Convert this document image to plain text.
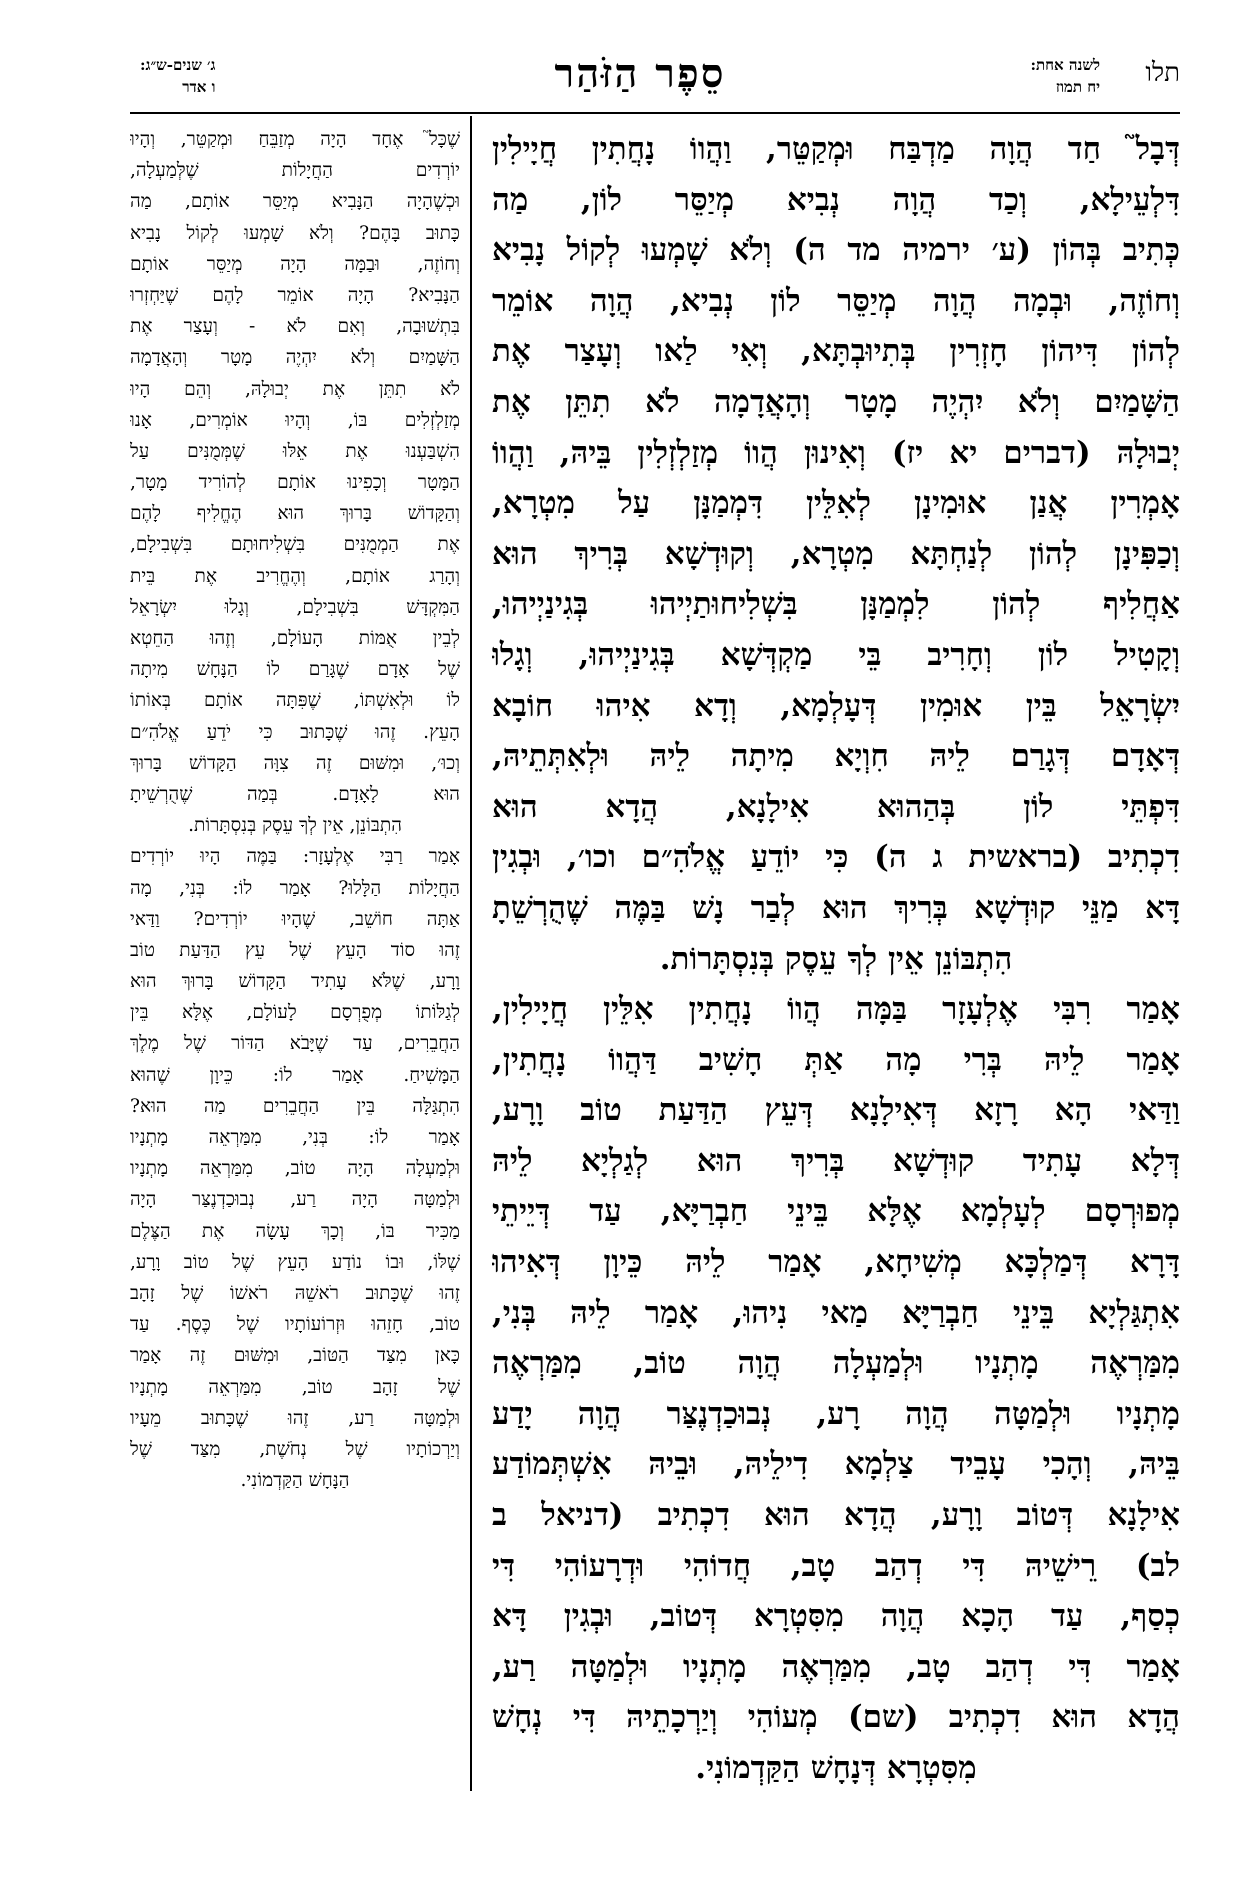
תלו
לשנה אחת:
יח תמוז
סֵפֶר הַזֹּהַר
ג׳ שנים-ש״ג:
ו אדר
דְּבָל֮ חַד הֲוָה מַדְבַּח וּמְקַטֵּר, וַהֲווֹ נָחֲתִין חֲיָילִין
דִּלְעֵילָא, וְכַד הֲוָה נְבִיא מְיַסֵּר לוֹן, מַה
כְּתִיב בְּהוֹן (ע׳ ירמיה מד ה) וְלֹא שָׁמְעוּ לְקוֹל נָבִיא
וְחוֹזֶה, וּבְמָה הֲוָה מְיַסֵּר לוֹן נְבִיא, הֲוָה אוֹמֵר
לְהוֹן דִּיהוֹן חָזְרִין בְּתִיוּבְתָּא, וְאִי לַאו וְעָצַר אֶת
הַשָּׁמַיִם וְלֹא יִהְיֶה מָטָר וְהָאֲדָמָה לֹא תִתֵּן אֶת
יְבוּלָהּ (דברים יא יז) וְאִינוּן הֲווֹ מְזַלְזְלִין בֵּיהּ, וַהֲווֹ
אָמְרִין אֲנַן אוּמִינָן לְאִלֵּין דִּמְמַנָּן עַל מִטְרָא,
וְכַפִּינָן לְהוֹן לְנַחְתָּא מִטְרָא, וְקוּדְשָׁא בְּרִיךְ הוּא
אַחֲלִיף לְהוֹן לִמְמַנָּן בִּשְׁלִיחוּתַיְיהוּ בְּגִינַיְיהוּ,
וְקָטִיל לוֹן וְחָרִיב בֵּי מַקְדְּשָׁא בְּגִינַיְיהוּ, וְגָלוּ
יִשְׂרָאֵל בֵּין אוּמִין דְּעָלְמָא, וְדָא אִיהוּ חוֹבָא
דְּאָדָם דְּגָרַם לֵיהּ חִוְיָא מִיתָה לֵיהּ וּלְאִתְּתֵיהּ,
דִּפְתֵּי לוֹן בְּהַהוּא אִילָנָא, הֲדָא הוּא
דִכְתִיב (בראשית ג ה) כִּי יוֹדֵעַ אֱלֹהִ״ם וכו׳, וּבְגִין
דָּא מַנֵּי קוּדְשָׁא בְּרִיךְ הוּא לְבַר נָשׁ בַּמֶּה שֶׁהֻרְשֵׁתָ
הִתְבּוֹנֵן אֵין לְךָ עֵסֶק בְּנִסְתָּרוֹת.
אָמַר רִבִּי אֶלְעָזָר בַּמָּה הֲווֹ נָחֲתִין אִלֵּין חֲיָילִין,
אָמַר לֵיהּ בְּרִי מָה אַתְּ חָשִׁיב דַּהֲווֹ נָחֲתִין,
וַדַּאי הָא רָזָא דְּאִילָנָא דְּעֵץ הַדַּעַת טוֹב וָרָע,
דְּלָא עָתִיד קוּדְשָׁא בְּרִיךְ הוּא לְגַלְיָא לֵיהּ
מְפוּרְסָם לְעָלְמָא אֶלָּא בֵּינֵי חַבְרַיָּא, עַד דְּיֵיתֵי
דָּרָא דְּמַלְכָּא מְשִׁיחָא, אָמַר לֵיהּ כֵּיוָן דְּאִיהוּ
אִתְגַּלְיָא בֵּינֵי חַבְרַיָּא מַאי נִיהוּ, אָמַר לֵיהּ בְּנִי,
מִמַּרְאֶה מָתְנָיו וּלְמַעְלָה הֲוָה טוֹב, מִמַּרְאֶה
מָתְנָיו וּלְמַטָּה הֲוָה רָע, נְבוּכַדְנֶצַּר הֲוָה יָדַע
בֵּיהּ, וְהָכִי עָבֵיד צַלְמָא דִילֵיהּ, וּבֵיהּ אִשְׁתְּמוֹדַע
אִילָנָא דְּטוֹב וָרָע, הֲדָא הוּא דִכְתִיב (דניאל ב
לב) רֵישֵׁיהּ דִּי דְהַב טָב, חֲדוֹהִי וּדְרָעוֹהִי דִּי
כְסַף, עַד הָכָא הֲוָה מִסִּטְרָא דְּטוֹב, וּבְגִין דָּא
אָמַר דִּי דְהַב טָב, מִמַּרְאֶה מָתְנָיו וּלְמַטָּה רַע,
הֲדָא הוּא דִכְתִיב (שם) מְעוֹהִי וְיַרְכָתֵיהּ דִּי נְחָשׁ
מִסִּטְרָא דְּנָחָשׁ הַקַּדְמוֹנִי.
שֶׁכָּל֮ אֶחָד הָיָה מְזַבֵּחַ וּמְקַטֵּר, וְהָיוּ
יוֹרְדִים הַחֲיָלוֹת שֶׁלְּמַעְלָה,
וּכְשֶׁהָיָה הַנָּבִיא מְיַסֵּר אוֹתָם, מַה
כָּתוּב בָּהֶם? וְלֹא שָׁמְעוּ לְקוֹל נָבִיא
וְחוֹזֶה, וּבַמָּה הָיָה מְיַסֵּר אוֹתָם
הַנָּבִיא? הָיָה אוֹמֵר לָהֶם שֶׁיַּחְזְרוּ
בִּתְשׁוּבָה, וְאִם לֹא - וְעָצַר אֶת
הַשָּׁמַיִם וְלֹא יִהְיֶה מָטָר וְהָאֲדָמָה
לֹא תִתֵּן אֶת יְבוּלָהּ, וְהֵם הָיוּ
מְזַלְזְלִים בּוֹ, וְהָיוּ אוֹמְרִים, אָנוּ
הִשְׁבַּעְנוּ אֶת אֵלּוּ שֶׁמְּמֻנִּים עַל
הַמָּטָר וְכָפִינוּ אוֹתָם לְהוֹרִיד מָטָר,
וְהַקָּדוֹשׁ בָּרוּךְ הוּא הֶחֱלִיף לָהֶם
אֶת הַמְמֻנִּים בִּשְׁלִיחוּתָם בִּשְׁבִילָם,
וְהָרַג אוֹתָם, וְהֶחֱרִיב אֶת בֵּית
הַמִּקְדָּשׁ בִּשְׁבִילָם, וְגָלוּ יִשְׂרָאֵל
לְבֵין אֻמּוֹת הָעוֹלָם, וְזֶהוּ הַחֵטְא
שֶׁל אָדָם שֶׁגָּרַם לוֹ הַנָּחָשׁ מִיתָה
לוֹ וּלְאִשְׁתּוֹ, שֶׁפִּתָּה אוֹתָם בְּאוֹתוֹ
הָעֵץ. זֶהוּ שֶׁכָּתוּב כִּי יֹדֵעַ אֱלֹהִ״ם
וְכוּ׳, וּמִשּׁוּם זֶה צִוָּה הַקָּדוֹשׁ בָּרוּךְ
הוּא לָאָדָם. בְּמַה שֶׁהֻרְשֵׁיתָ
הִתְבּוֹנֵן, אֵין לְךָ עֵסֶק בְּנִסְתָּרוֹת.
אָמַר רַבִּי אֶלְעָזָר: בַּמֶּה הָיוּ יוֹרְדִים
הַחֲיָלוֹת הַלָּלוּ? אָמַר לוֹ: בְּנִי, מָה
אַתָּה חוֹשֵׁב, שֶׁהָיוּ יוֹרְדִים? וַדַּאי
זֶהוּ סוֹד הָעֵץ שֶׁל עֵץ הַדַּעַת טוֹב
וָרָע, שֶׁלֹּא עָתִיד הַקָּדוֹשׁ בָּרוּךְ הוּא
לְגַלּוֹתוֹ מְפֻרְסָם לָעוֹלָם, אֶלָּא בֵּין
הַחֲבֵרִים, עַד שֶׁיָּבֹא הַדּוֹר שֶׁל מֶלֶךְ
הַמָּשִׁיחַ. אָמַר לוֹ: כֵּיוָן שֶׁהוּא
הִתְגַּלָּה בֵּין הַחֲבֵרִים מַה הוּא?
אָמַר לוֹ: בְּנִי, מִמַּרְאֵה מָתְנָיו
וּלְמַעְלָה הָיָה טוֹב, מִמַּרְאֵה מָתְנָיו
וּלְמַטָּה הָיָה רַע, נְבוּכַדְנֶצַּר הָיָה
מַכִּיר בּוֹ, וְכָךְ עָשָׂה אֶת הַצֶּלֶם
שֶׁלּוֹ, וּבוֹ נוֹדַע הָעֵץ שֶׁל טוֹב וָרָע,
זֶהוּ שֶׁכָּתוּב רֹאשֵׁהּ רֹאשׁוֹ שֶׁל זָהָב
טוֹב, חָזֵהוּ וּזְרוֹעוֹתָיו שֶׁל כֶּסֶף. עַד
כָּאן מִצַּד הַטּוֹב, וּמִשּׁוּם זֶה אָמַר
שֶׁל זָהָב טוֹב, מִמַּרְאֵה מָתְנָיו
וּלְמַטָּה רַע, זֶהוּ שֶׁכָּתוּב מֵעָיו
וְיַרְכוֹתָיו שֶׁל נְחֹשֶׁת, מִצַּד שֶׁל
הַנָּחָשׁ הַקַּדְמוֹנִי.
